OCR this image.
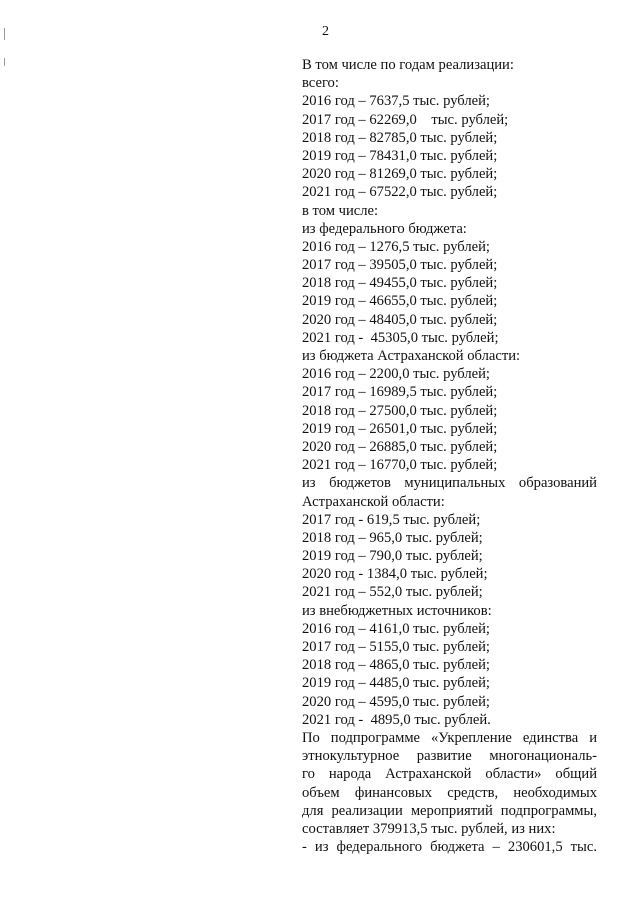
2
В том числе по годам реализации:
всего:
2016 год – 7637,5 тыс. рублей;
2017 год – 62269,0    тыс. рублей;
2018 год – 82785,0 тыс. рублей;
2019 год – 78431,0 тыс. рублей;
2020 год – 81269,0 тыс. рублей;
2021 год – 67522,0 тыс. рублей;
в том числе:
из федерального бюджета:
2016 год – 1276,5 тыс. рублей;
2017 год – 39505,0 тыс. рублей;
2018 год – 49455,0 тыс. рублей;
2019 год – 46655,0 тыс. рублей;
2020 год – 48405,0 тыс. рублей;
2021 год -  45305,0 тыс. рублей;
из бюджета Астраханской области:
2016 год – 2200,0 тыс. рублей;
2017 год – 16989,5 тыс. рублей;
2018 год – 27500,0 тыс. рублей;
2019 год – 26501,0 тыс. рублей;
2020 год – 26885,0 тыс. рублей;
2021 год – 16770,0 тыс. рублей;
из бюджетов муниципальных образований
Астраханской области:
2017 год - 619,5 тыс. рублей;
2018 год – 965,0 тыс. рублей;
2019 год – 790,0 тыс. рублей;
2020 год - 1384,0 тыс. рублей;
2021 год – 552,0 тыс. рублей;
из внебюджетных источников:
2016 год – 4161,0 тыс. рублей;
2017 год – 5155,0 тыс. рублей;
2018 год – 4865,0 тыс. рублей;
2019 год – 4485,0 тыс. рублей;
2020 год – 4595,0 тыс. рублей;
2021 год -  4895,0 тыс. рублей.
По подпрограмме «Укрепление единства и
этнокультурное развитие многонациональ-
го народа Астраханской области» общий
объем финансовых средств, необходимых
для реализации мероприятий подпрограммы,
составляет 379913,5 тыс. рублей, из них:
- из федерального бюджета – 230601,5 тыс.
